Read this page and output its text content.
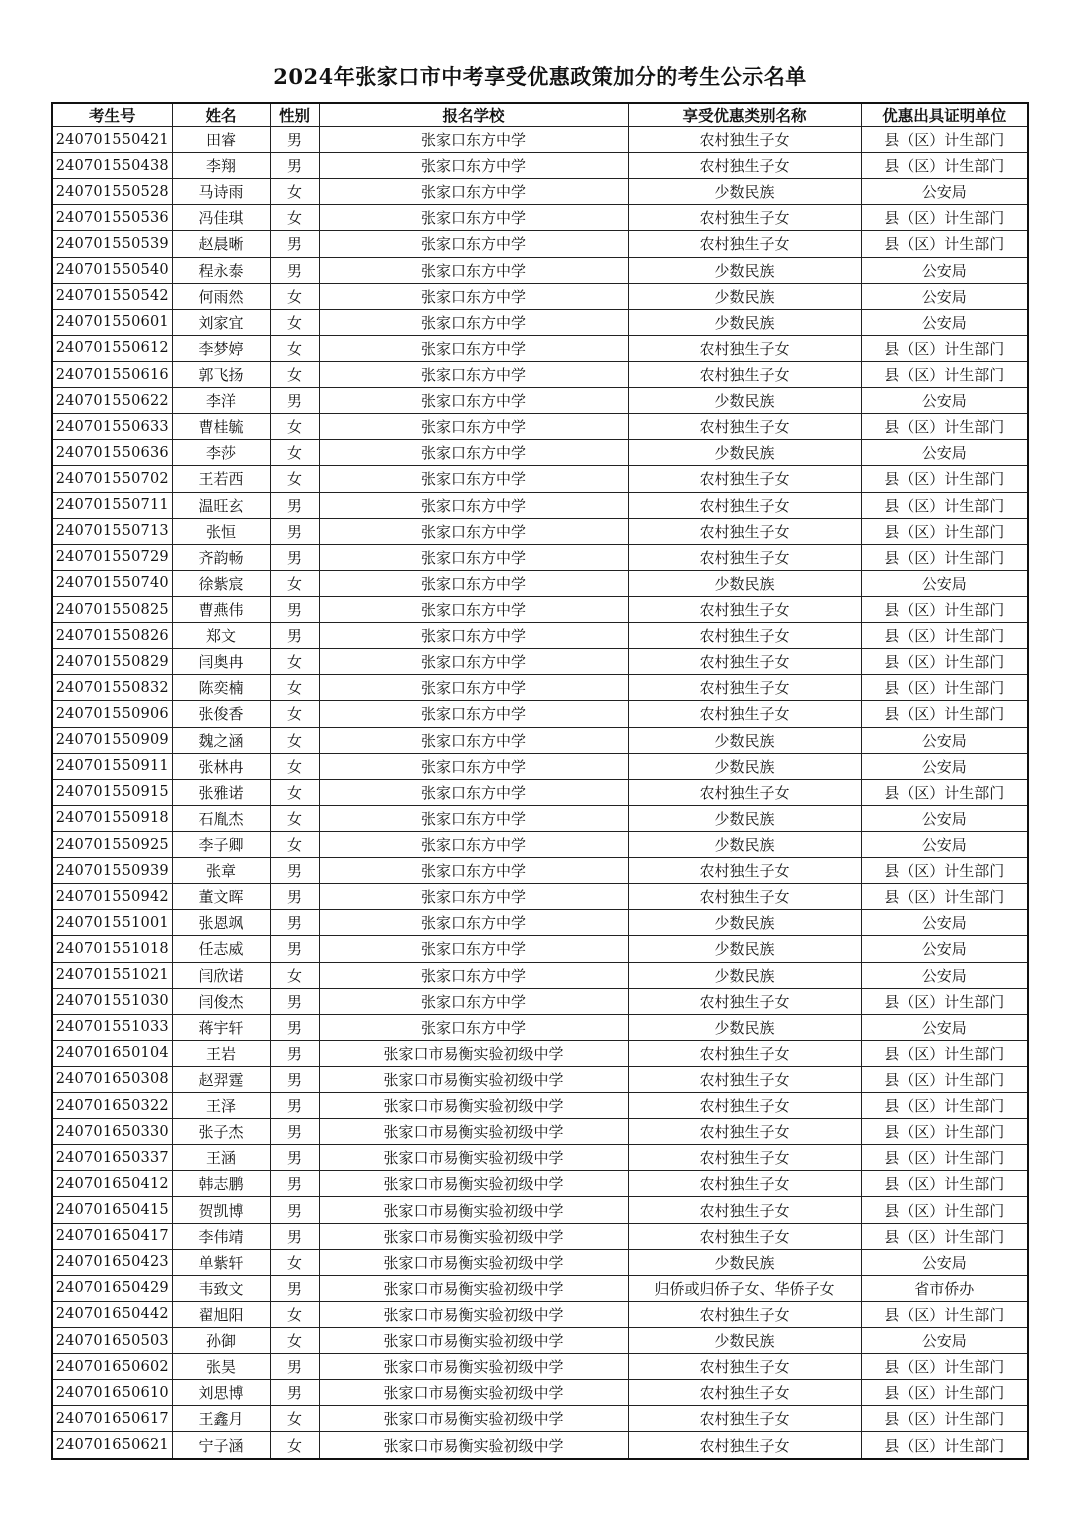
2024年张家口市中考享受优惠政策加分的考生公示名单
考生号	姓名	性别	报名学校	享受优惠类别名称	优惠出具证明单位
240701550421	田睿	男	张家口东方中学	农村独生子女	县（区）计生部门
240701550438	李翔	男	张家口东方中学	农村独生子女	县（区）计生部门
240701550528	马诗雨	女	张家口东方中学	少数民族	公安局
240701550536	冯佳琪	女	张家口东方中学	农村独生子女	县（区）计生部门
240701550539	赵晨晰	男	张家口东方中学	农村独生子女	县（区）计生部门
240701550540	程永泰	男	张家口东方中学	少数民族	公安局
240701550542	何雨然	女	张家口东方中学	少数民族	公安局
240701550601	刘家宜	女	张家口东方中学	少数民族	公安局
240701550612	李梦婷	女	张家口东方中学	农村独生子女	县（区）计生部门
240701550616	郭飞扬	女	张家口东方中学	农村独生子女	县（区）计生部门
240701550622	李洋	男	张家口东方中学	少数民族	公安局
240701550633	曹桂毓	女	张家口东方中学	农村独生子女	县（区）计生部门
240701550636	李莎	女	张家口东方中学	少数民族	公安局
240701550702	王若西	女	张家口东方中学	农村独生子女	县（区）计生部门
240701550711	温旺玄	男	张家口东方中学	农村独生子女	县（区）计生部门
240701550713	张恒	男	张家口东方中学	农村独生子女	县（区）计生部门
240701550729	齐韵畅	男	张家口东方中学	农村独生子女	县（区）计生部门
240701550740	徐紫宸	女	张家口东方中学	少数民族	公安局
240701550825	曹燕伟	男	张家口东方中学	农村独生子女	县（区）计生部门
240701550826	郑文	男	张家口东方中学	农村独生子女	县（区）计生部门
240701550829	闫奥冉	女	张家口东方中学	农村独生子女	县（区）计生部门
240701550832	陈奕楠	女	张家口东方中学	农村独生子女	县（区）计生部门
240701550906	张俊香	女	张家口东方中学	农村独生子女	县（区）计生部门
240701550909	魏之涵	女	张家口东方中学	少数民族	公安局
240701550911	张林冉	女	张家口东方中学	少数民族	公安局
240701550915	张雅诺	女	张家口东方中学	农村独生子女	县（区）计生部门
240701550918	石胤杰	女	张家口东方中学	少数民族	公安局
240701550925	李子卿	女	张家口东方中学	少数民族	公安局
240701550939	张章	男	张家口东方中学	农村独生子女	县（区）计生部门
240701550942	董文晖	男	张家口东方中学	农村独生子女	县（区）计生部门
240701551001	张恩飒	男	张家口东方中学	少数民族	公安局
240701551018	任志威	男	张家口东方中学	少数民族	公安局
240701551021	闫欣诺	女	张家口东方中学	少数民族	公安局
240701551030	闫俊杰	男	张家口东方中学	农村独生子女	县（区）计生部门
240701551033	蒋宇轩	男	张家口东方中学	少数民族	公安局
240701650104	王岩	男	张家口市易衡实验初级中学	农村独生子女	县（区）计生部门
240701650308	赵羿霆	男	张家口市易衡实验初级中学	农村独生子女	县（区）计生部门
240701650322	王泽	男	张家口市易衡实验初级中学	农村独生子女	县（区）计生部门
240701650330	张子杰	男	张家口市易衡实验初级中学	农村独生子女	县（区）计生部门
240701650337	王涵	男	张家口市易衡实验初级中学	农村独生子女	县（区）计生部门
240701650412	韩志鹏	男	张家口市易衡实验初级中学	农村独生子女	县（区）计生部门
240701650415	贺凯博	男	张家口市易衡实验初级中学	农村独生子女	县（区）计生部门
240701650417	李伟靖	男	张家口市易衡实验初级中学	农村独生子女	县（区）计生部门
240701650423	单紫轩	女	张家口市易衡实验初级中学	少数民族	公安局
240701650429	韦致文	男	张家口市易衡实验初级中学	归侨或归侨子女、华侨子女	省市侨办
240701650442	翟旭阳	女	张家口市易衡实验初级中学	农村独生子女	县（区）计生部门
240701650503	孙御	女	张家口市易衡实验初级中学	少数民族	公安局
240701650602	张昊	男	张家口市易衡实验初级中学	农村独生子女	县（区）计生部门
240701650610	刘思博	男	张家口市易衡实验初级中学	农村独生子女	县（区）计生部门
240701650617	王鑫月	女	张家口市易衡实验初级中学	农村独生子女	县（区）计生部门
240701650621	宁子涵	女	张家口市易衡实验初级中学	农村独生子女	县（区）计生部门
